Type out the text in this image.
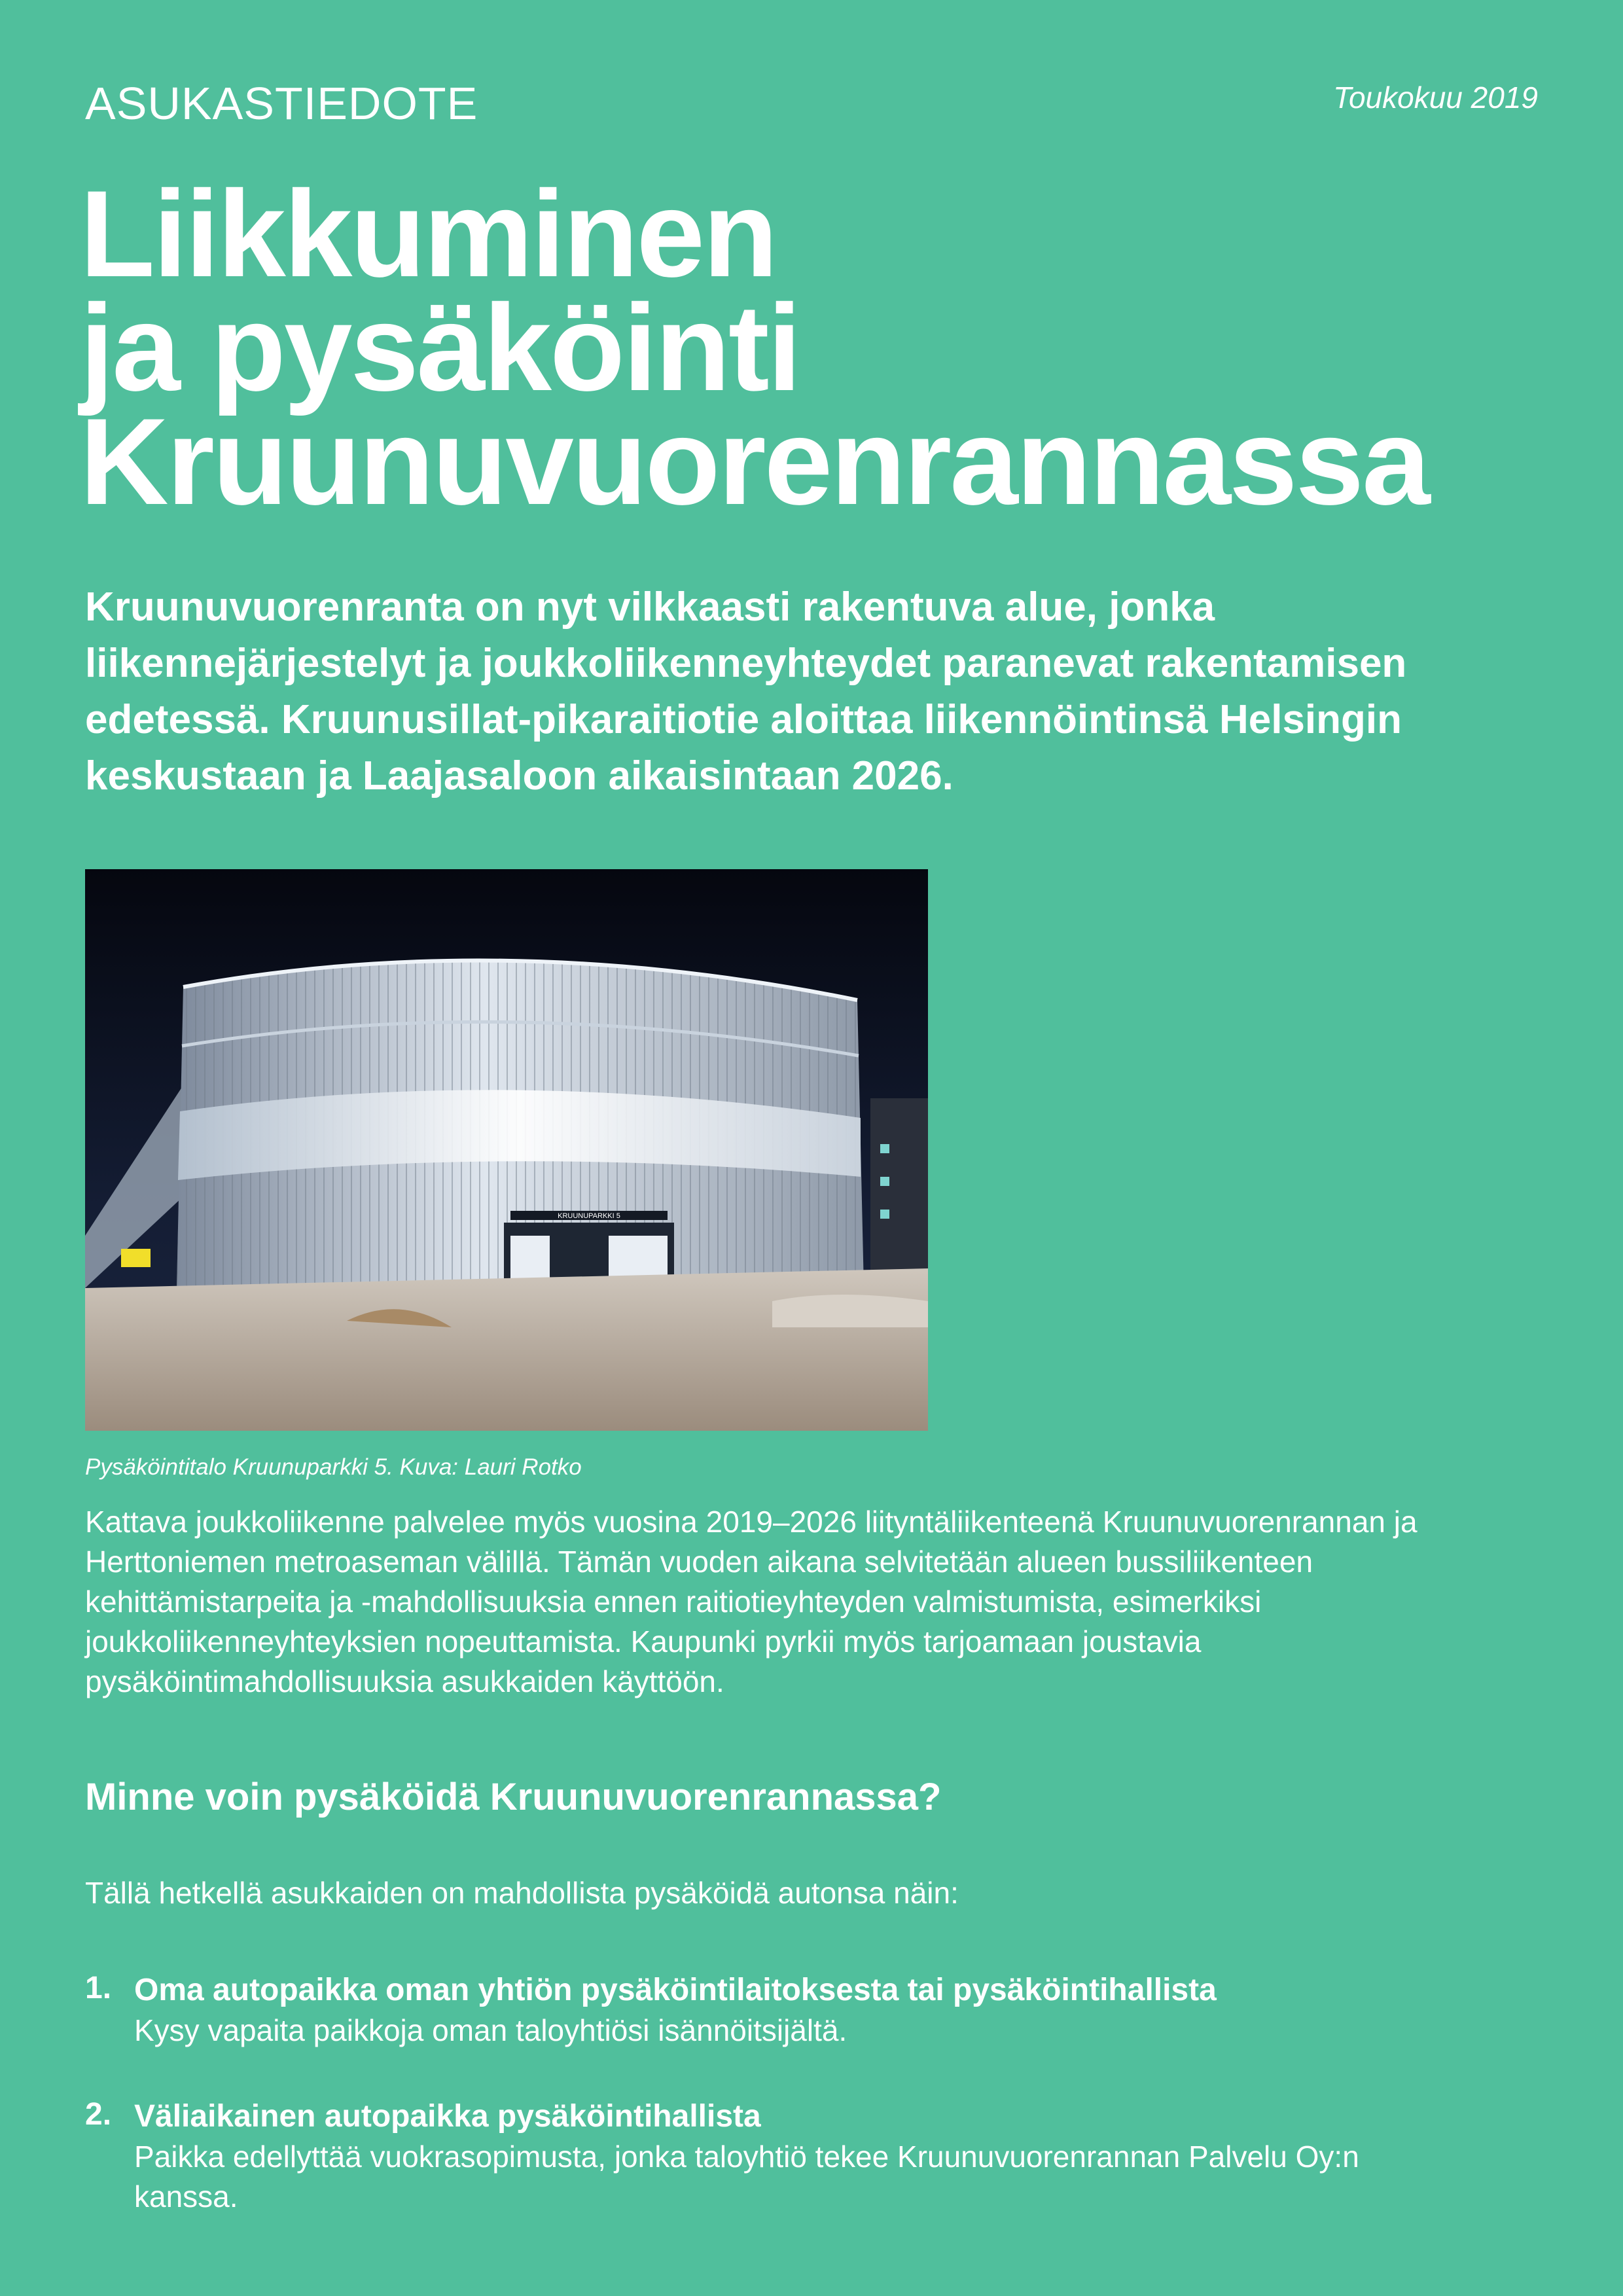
ASUKASTIEDOTE	Toukokuu 2019
Liikkuminen
ja pysäköinti
Kruunuvuorenrannassa

Kruunuvuorenranta on nyt vilkkaasti rakentuva alue, jonka liikennejärjestelyt ja joukkoliikenneyhteydet paranevat rakentamisen edetessä. Kruunusillat-pikaraitiotie aloittaa liikennöintinsä Helsingin keskustaan ja Laajasaloon aikaisintaan 2026.

KRUUNUPARKKI 5
Pysäköintitalo Kruunuparkki 5. Kuva: Lauri Rotko

Kattava joukkoliikenne palvelee myös vuosina 2019–2026 liityntäliikenteenä Kruunuvuorenrannan ja Herttoniemen metroaseman välillä. Tämän vuoden aikana selvitetään alueen bussiliikenteen kehittämistarpeita ja -mahdollisuuksia ennen raitiotieyhteyden valmistumista, esimerkiksi joukkoliikenneyhteyksien nopeuttamista. Kaupunki pyrkii myös tarjoamaan joustavia pysäköintimahdollisuuksia asukkaiden käyttöön.

Minne voin pysäköidä Kruunuvuorenrannassa?

Tällä hetkellä asukkaiden on mahdollista pysäköidä autonsa näin:

1. Oma autopaikka oman yhtiön pysäköintilaitoksesta tai pysäköintihallista
Kysy vapaita paikkoja oman taloyhtiösi isännöitsijältä.
2. Väliaikainen autopaikka pysäköintihallista
Paikka edellyttää vuokrasopimusta, jonka taloyhtiö tekee Kruunuvuorenrannan Palvelu Oy:n kanssa.
